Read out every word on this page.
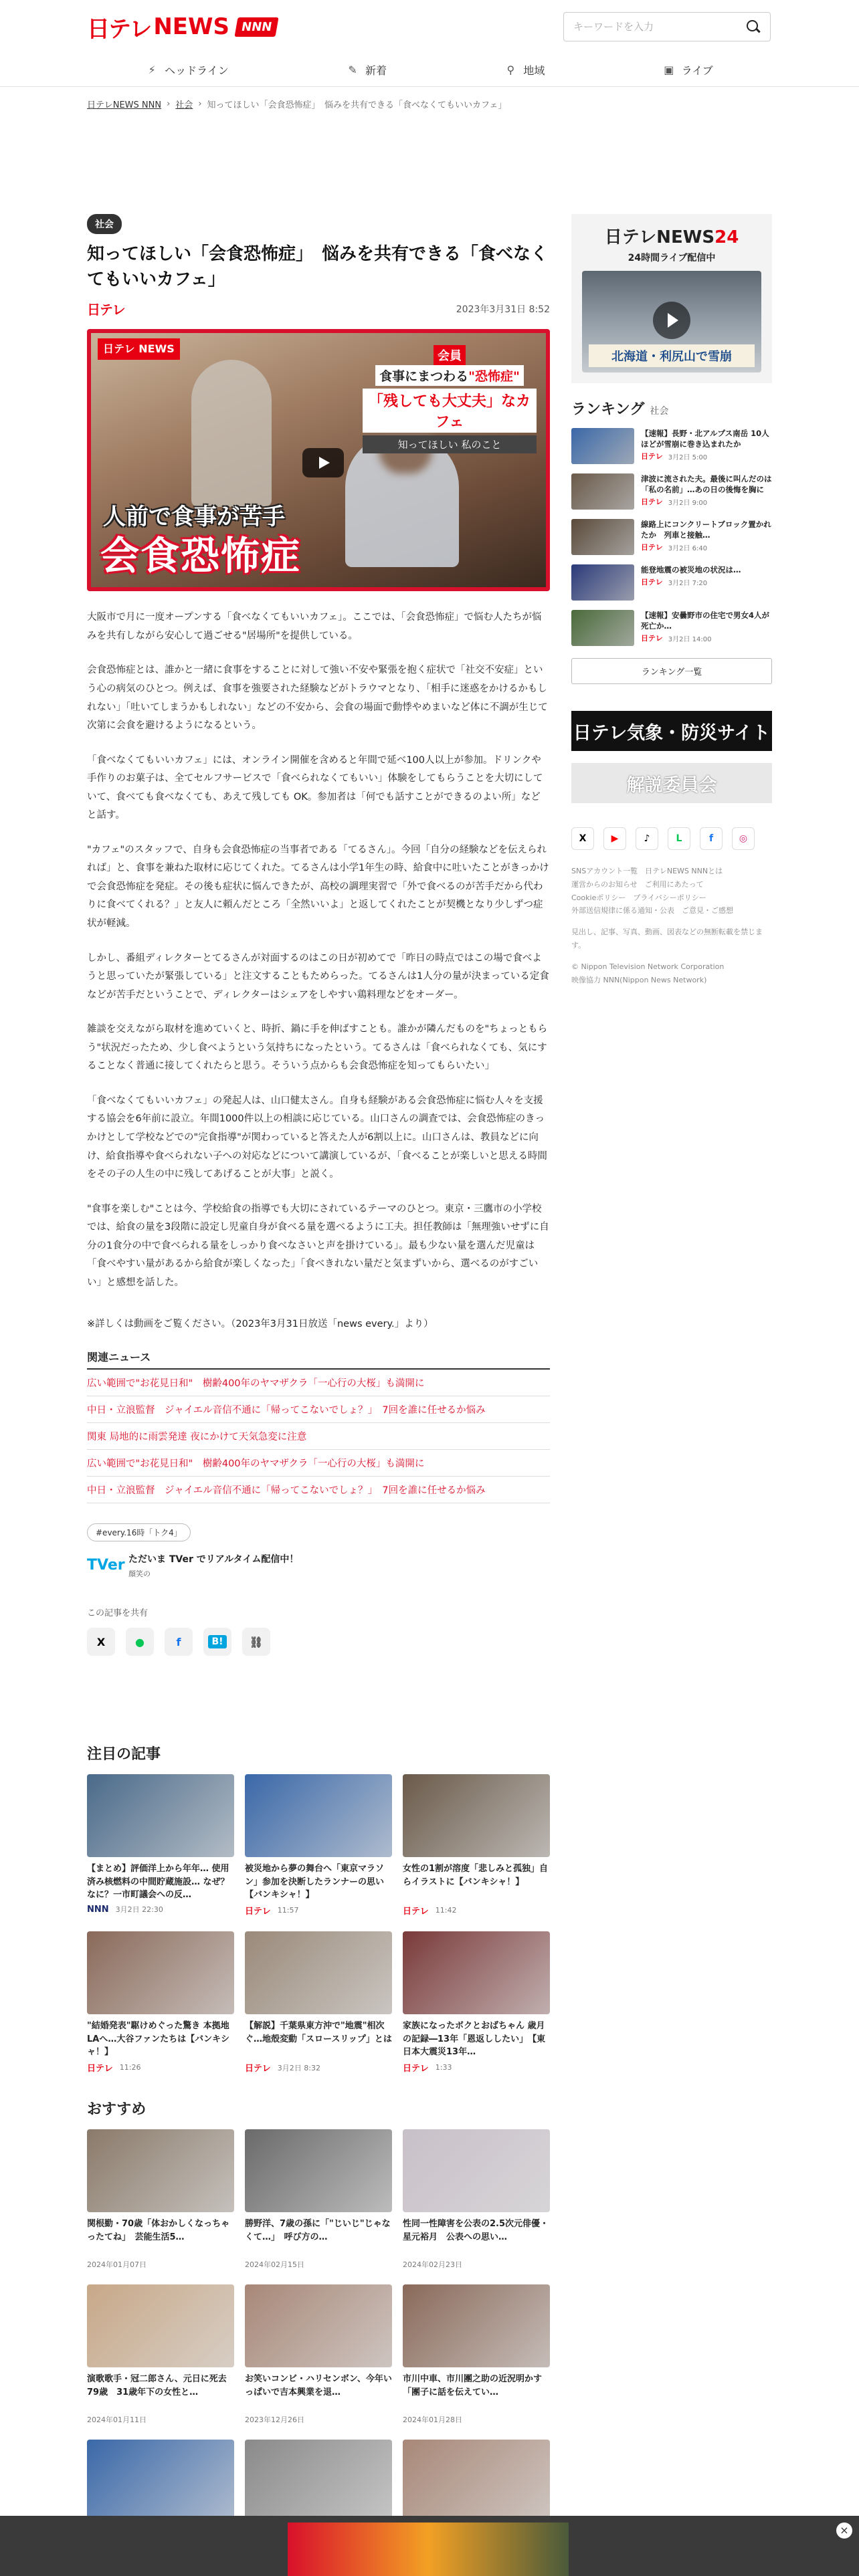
日テレ NEWS NNN
キーワードを入力
⚡ ヘッドライン	✎ 新着	⚲ 地域	▣ ライブ
日テレNEWS NNN › 社会 › 知ってほしい「会食恐怖症」　悩みを共有できる「食べなくてもいいカフェ」
社会
知ってほしい「会食恐怖症」　悩みを共有できる「食べなくてもいいカフェ」
日テレ	2023年3月31日 8:52
日テレ NEWS
会員食事にまつわる"恐怖症"
「残しても大丈夫」なカフェ
知ってほしい 私のこと
人前で食事が苦手
会食恐怖症

大阪市で月に一度オープンする「食べなくてもいいカフェ」。ここでは、「会食恐怖症」で悩む人たちが悩みを共有しながら安心して過ごせる"居場所"を提供している。

会食恐怖症とは、誰かと一緒に食事をすることに対して強い不安や緊張を抱く症状で「社交不安症」という心の病気のひとつ。例えば、食事を強要された経験などがトラウマとなり、「相手に迷惑をかけるかもしれない」「吐いてしまうかもしれない」などの不安から、会食の場面で動悸やめまいなど体に不調が生じて次第に会食を避けるようになるという。

「食べなくてもいいカフェ」には、オンライン開催を含めると年間で延べ100人以上が参加。ドリンクや手作りのお菓子は、全てセルフサービスで「食べられなくてもいい」体験をしてもらうことを大切にしていて、食べても食べなくても、あえて残しても OK。参加者は「何でも話すことができるのよい所」などと話す。

"カフェ"のスタッフで、自身も会食恐怖症の当事者である「てるさん」。今回「自分の経験などを伝えられれば」と、食事を兼ねた取材に応じてくれた。てるさんは小学1年生の時、給食中に吐いたことがきっかけで会食恐怖症を発症。その後も症状に悩んできたが、高校の調理実習で「外で食べるのが苦手だから代わりに食べてくれる？」と友人に頼んだところ「全然いいよ」と返してくれたことが契機となり少しずつ症状が軽減。

しかし、番組ディレクターとてるさんが対面するのはこの日が初めてで「昨日の時点ではこの場で食べようと思っていたが緊張している」と注文することもためらった。てるさんは1人分の量が決まっている定食などが苦手だということで、ディレクターはシェアをしやすい鶏料理などをオーダー。

雑談を交えながら取材を進めていくと、時折、鍋に手を伸ばすことも。誰かが隣んだものを"ちょっともらう"状況だったため、少し食べようという気持ちになったという。てるさんは「食べられなくても、気にすることなく普通に接してくれたらと思う。そういう点からも会食恐怖症を知ってもらいたい」

「食べなくてもいいカフェ」の発起人は、山口健太さん。自身も経験がある会食恐怖症に悩む人々を支援する協会を6年前に設立。年間1000件以上の相談に応じている。山口さんの調査では、会食恐怖症のきっかけとして学校などでの"完食指導"が関わっていると答えた人が6割以上に。山口さんは、教員などに向け、給食指導や食べられない子への対応などについて講演しているが、「食べることが楽しいと思える時間をその子の人生の中に残してあげることが大事」と説く。

"食事を楽しむ"ことは今、学校給食の指導でも大切にされているテーマのひとつ。東京・三鷹市の小学校では、給食の量を3段階に設定し児童自身が食べる量を選べるように工夫。担任教師は「無理強いせずに自分の1食分の中で食べられる量をしっかり食べなさいと声を掛けている」。最も少ない量を選んだ児童は「食べやすい量があるから給食が楽しくなった」「食べきれない量だと気まずいから、選べるのがすごいい」と感想を話した。

※詳しくは動画をご覧ください。（2023年3月31日放送「news every.」より）
関連ニュース
広い範囲で"お花見日和"　樹齢400年のヤマザクラ「一心行の大桜」も満開に
中日・立浪監督　ジャイエル音信不通に「帰ってこないでしょ？」　7回を誰に任せるか悩み
関東 局地的に雨雲発達 夜にかけて天気急変に注意
広い範囲で"お花見日和"　樹齢400年のヤマザクラ「一心行の大桜」も満開に
中日・立浪監督　ジャイエル音信不通に「帰ってこないでしょ？」　7回を誰に任せるか悩み
#every.16時「トク4」
TVer ただいま TVer でリアルタイム配信中！
顔笑の
この記事を共有
X	●	f	B!	⛓
注目の記事
【まとめ】評価洋上から年年… 使用済み核燃料の中間貯蔵施設… なぜ？なに？一市町議会への反…
NNN 3月2日 22:30
被災地から夢の舞台へ「東京マラソン」参加を決断したランナーの思い【バンキシャ！】
日テレ 11:57
女性の1割が溶度「悲しみと孤独」自らイラストに【バンキシャ！】
日テレ 11:42
"結婚発表"駆けめぐった驚き 本拠地LAへ…大谷ファンたちは【バンキシャ！】
日テレ 11:26
【解説】千葉県東方沖で"地震"相次ぐ…地殻変動「スロースリップ」とは
日テレ 3月2日 8:32
家族になったボクとおばちゃん 歳月の記録―13年「恩返ししたい」　【東日本大震災13年…
日テレ 1:33
おすすめ
関根勤・70歳「体おかしくなっちゃったてね」　芸能生活5…
2024年01月07日
勝野洋、7歳の孫に「"じいじ"じゃなくて…」　呼び方の…
2024年02月15日
性同一性障害を公表の2.5次元俳優・星元裕月　公表への思い…
2024年02月23日
演歌歌手・冠二郎さん、元日に死去 79歳　31歳年下の女性と…
2024年01月11日
お笑いコンビ・ハリセンボン、今年いっぱいで吉本興業を退…
2023年12月26日
市川中車、市川團之助の近況明かす 「團子に話を伝えてい…
2024年01月28日
日テレNEWS24
24時間ライブ配信中
北海道・利尻山で雪崩
ランキング 社会
【速報】長野・北アルプス南岳 10人ほどが雪崩に巻き込まれたか
日テレ 3月2日 5:00
津波に流された夫。最後に叫んだのは「私の名前」…あの日の後悔を胸に
日テレ 3月2日 9:00
線路上にコンクリートブロック置かれたか　列車と接触…
日テレ 3月2日 6:40
能登地震の被災地の状況は…
日テレ 3月2日 7:20
【速報】安曇野市の住宅で男女4人が死亡か…
日テレ 3月2日 14:00
ランキング一覧
日テレ気象・防災サイト
解説委員会
X	▶	♪	L	f	◎
SNSアカウント一覧　日テレNEWS NNNとは
運営からのお知らせ　ご利用にあたって
Cookieポリシー　プライバシーポリシー
外部送信規律に係る通知・公表　ご意見・ご感想
見出し、記事、写真、動画、図表などの無断転載を禁じます。
© Nippon Television Network Corporation
映像協力 NNN(Nippon News Network)
×
